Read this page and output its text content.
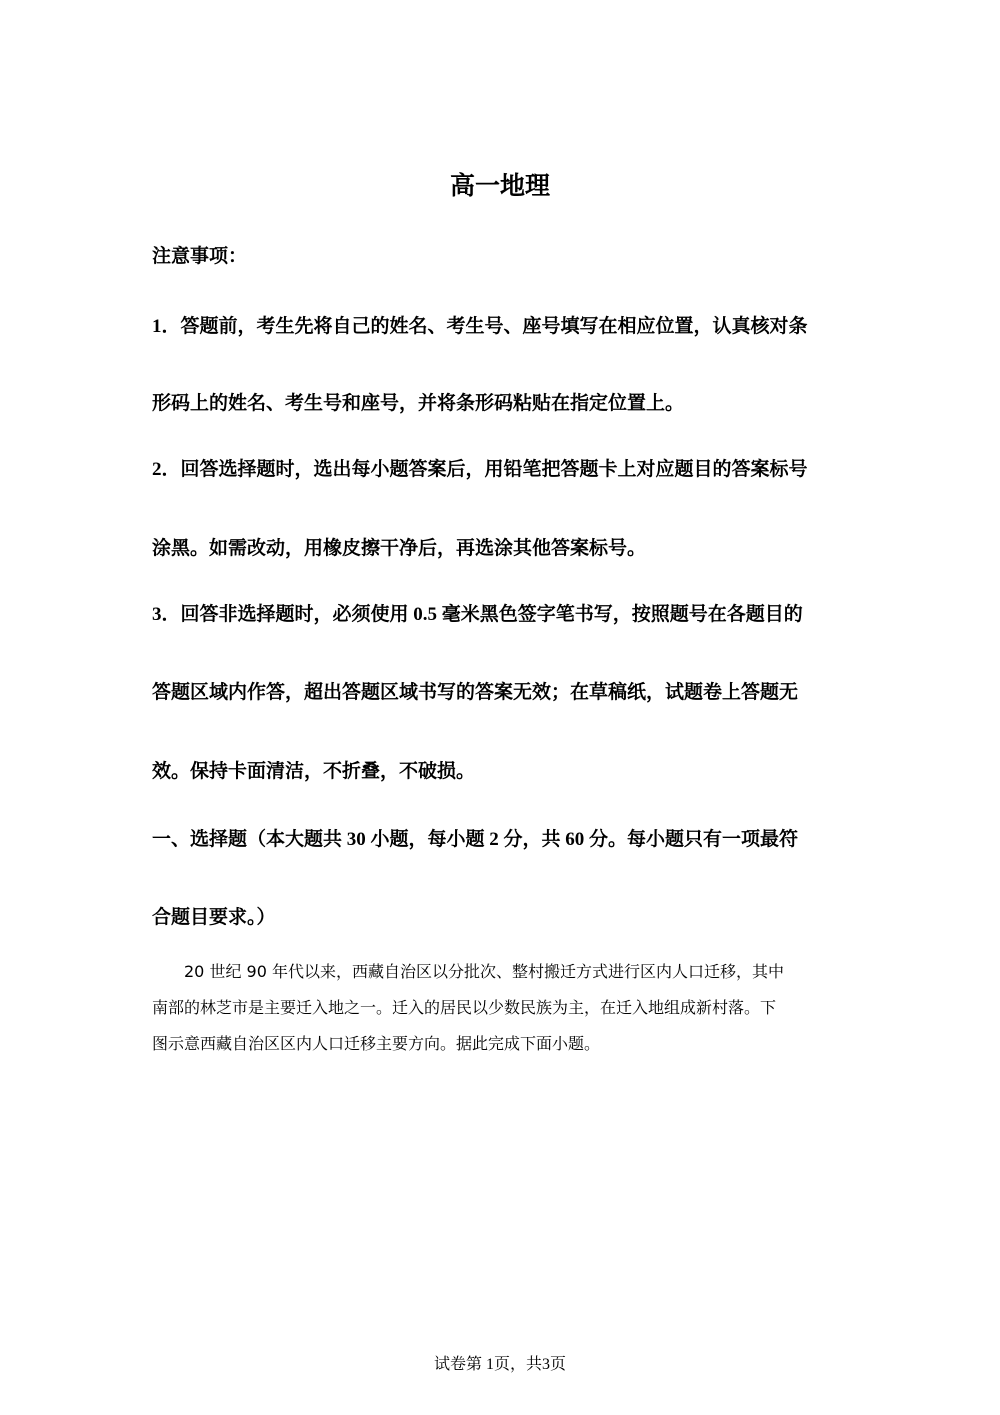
高一地理
注意事项：
1．答题前，考生先将自己的姓名、考生号、座号填写在相应位置，认真核对条
形码上的姓名、考生号和座号，并将条形码粘贴在指定位置上。
2．回答选择题时，选出每小题答案后，用铅笔把答题卡上对应题目的答案标号
涂黑。如需改动，用橡皮擦干净后，再选涂其他答案标号。
3．回答非选择题时，必须使用 0.5 毫米黑色签字笔书写，按照题号在各题目的
答题区域内作答，超出答题区域书写的答案无效；在草稿纸，试题卷上答题无
效。保持卡面清洁，不折叠，不破损。
一、选择题（本大题共 30 小题，每小题 2 分，共 60 分。每小题只有一项最符
合题目要求。）
　　20 世纪 90 年代以来，西藏自治区以分批次、整村搬迁方式进行区内人口迁移，其中
南部的林芝市是主要迁入地之一。迁入的居民以少数民族为主，在迁入地组成新村落。下
图示意西藏自治区区内人口迁移主要方向。据此完成下面小题。
试卷第 1页，共3页
